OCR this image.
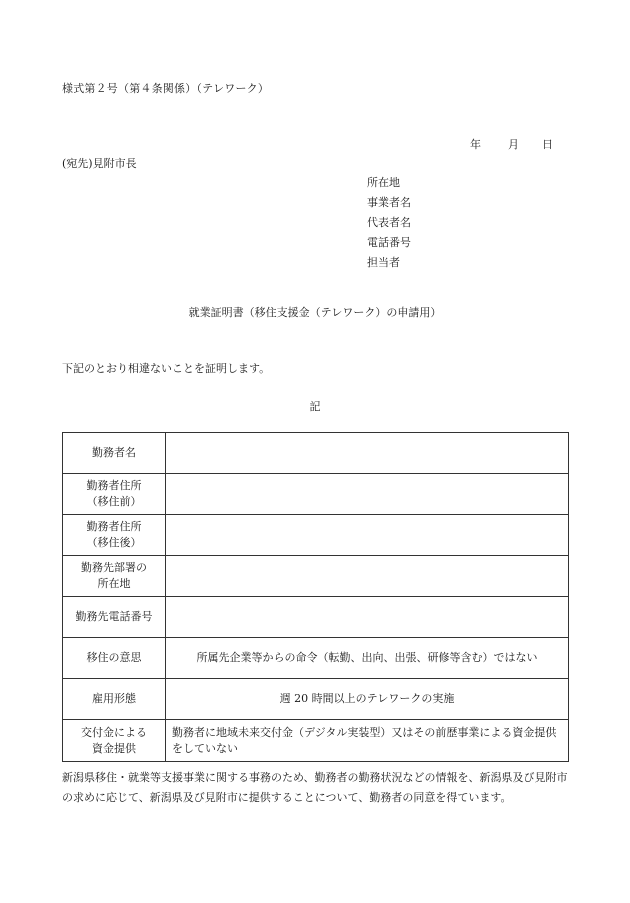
様式第２号（第４条関係）（テレワーク）
年 月 日
(宛先)見附市長
所在地
事業者名
代表者名
電話番号
担当者
就業証明書（移住支援金（テレワーク）の申請用）
下記のとおり相違ないことを証明します。
記
勤務者名	

勤務者住所
（移住前）	

勤務者住所
（移住後）	

勤務先部署の
所在地	

勤務先電話番号	

移住の意思	所属先企業等からの命令（転勤、出向、出張、研修等含む）ではない

雇用形態	週 20 時間以上のテレワークの実施

交付金による
資金提供	勤務者に地域未来交付金（デジタル実装型）又はその前歴事業による資金提供をしていない
新潟県移住・就業等支援事業に関する事務のため、勤務者の勤務状況などの情報を、新潟県及び見附市の求めに応じて、新潟県及び見附市に提供することについて、勤務者の同意を得ています。
